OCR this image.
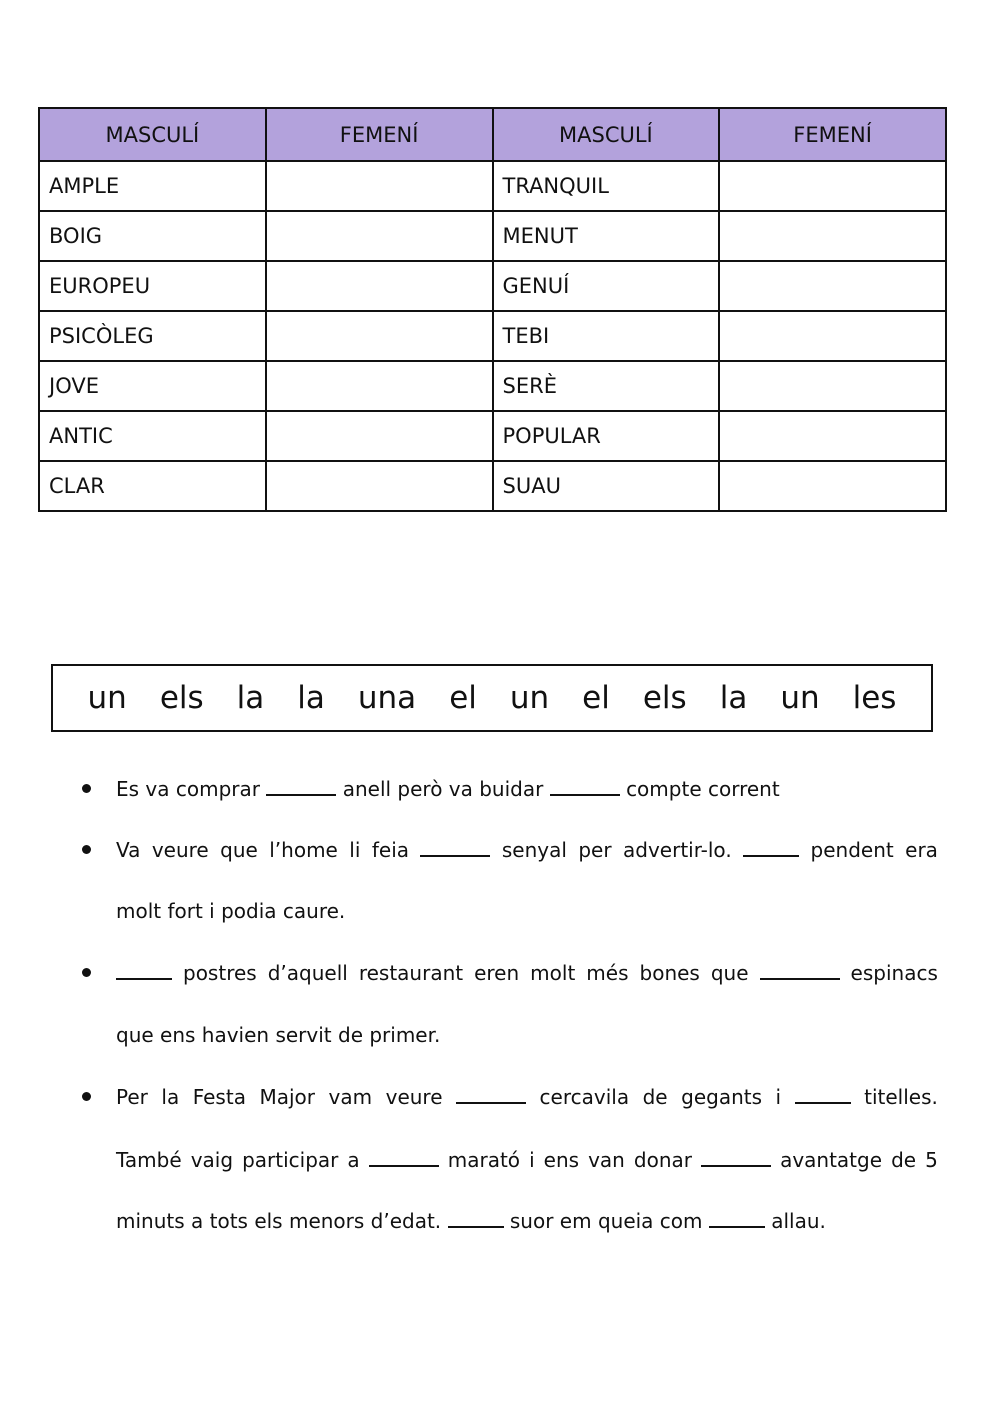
MASCULÍ	FEMENÍ	MASCULÍ	FEMENÍ
AMPLE		TRANQUIL	
BOIG		MENUT	
EUROPEU		GENUÍ	
PSICÒLEG		TEBI	
JOVE		SERÈ	
ANTIC		POPULAR	
CLAR		SUAU	
un els la la una el un el els la un les
Es va comprar	anell però va buidar	compte corrent
Va veure que l’home li feia	senyal per advertir-lo.	pendent era
molt fort i podia caure.
postres d’aquell restaurant eren molt més bones que	espinacs
que ens havien servit de primer.
Per la Festa Major vam veure	cercavila de gegants i	titelles.
També vaig participar a	marató i ens van donar	avantatge de 5
minuts a tots els menors d’edat.	suor em queia com	allau.
